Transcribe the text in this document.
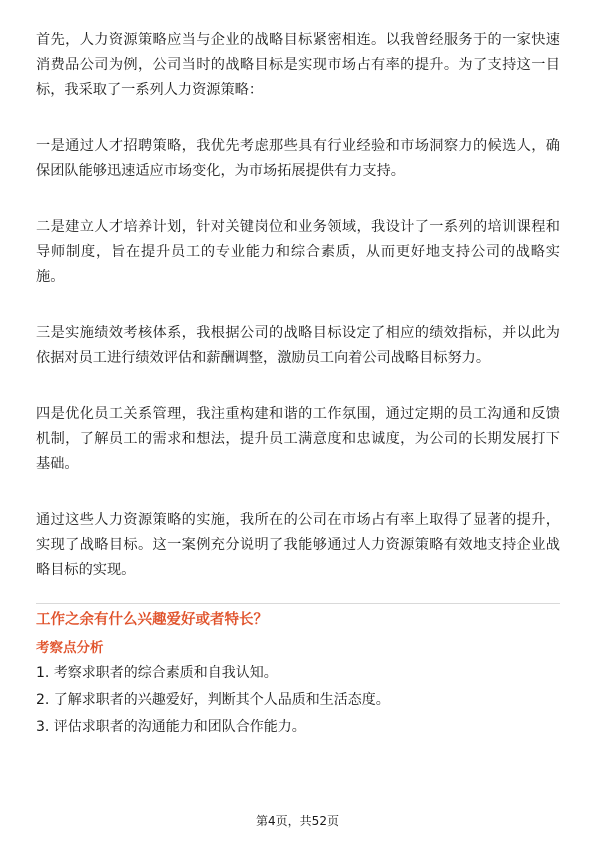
首先，人力资源策略应当与企业的战略目标紧密相连。以我曾经服务于的一家快速消费品公司为例，公司当时的战略目标是实现市场占有率的提升。为了支持这一目标，我采取了一系列人力资源策略：

一是通过人才招聘策略，我优先考虑那些具有行业经验和市场洞察力的候选人，确保团队能够迅速适应市场变化，为市场拓展提供有力支持。

二是建立人才培养计划，针对关键岗位和业务领域，我设计了一系列的培训课程和导师制度，旨在提升员工的专业能力和综合素质，从而更好地支持公司的战略实施。

三是实施绩效考核体系，我根据公司的战略目标设定了相应的绩效指标，并以此为依据对员工进行绩效评估和薪酬调整，激励员工向着公司战略目标努力。

四是优化员工关系管理，我注重构建和谐的工作氛围，通过定期的员工沟通和反馈机制，了解员工的需求和想法，提升员工满意度和忠诚度，为公司的长期发展打下基础。

通过这些人力资源策略的实施，我所在的公司在市场占有率上取得了显著的提升，实现了战略目标。这一案例充分说明了我能够通过人力资源策略有效地支持企业战略目标的实现。

工作之余有什么兴趣爱好或者特长？
考察点分析

1. 考察求职者的综合素质和自我认知。

2. 了解求职者的兴趣爱好，判断其个人品质和生活态度。

3. 评估求职者的沟通能力和团队合作能力。

第4页，共52页
